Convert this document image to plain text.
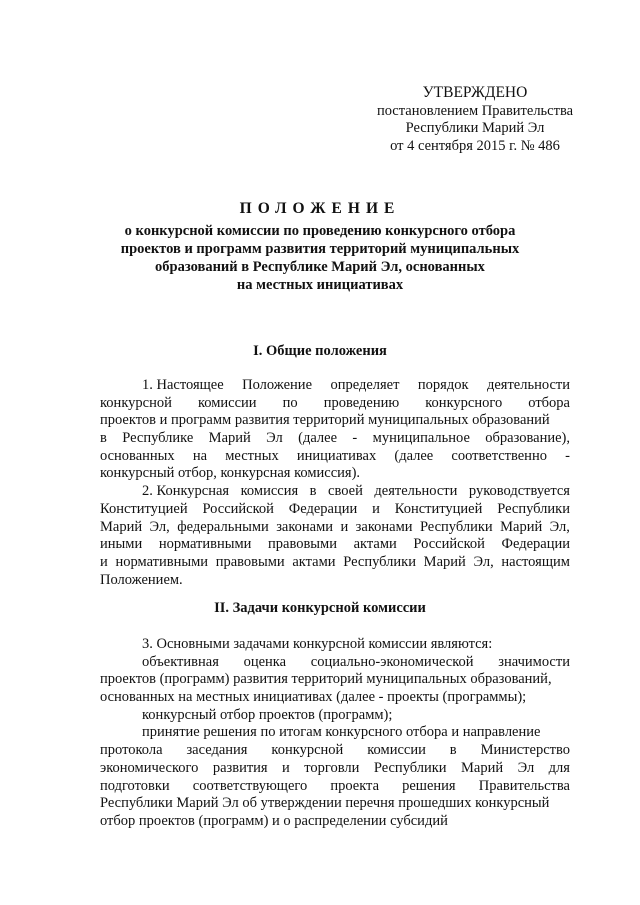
УТВЕРЖДЕНО
постановлением Правительства
Республики Марий Эл
от 4 сентября 2015 г. № 486
ПОЛОЖЕНИЕ
о конкурсной комиссии по проведению конкурсного отбора
проектов и программ развития территорий муниципальных
образований в Республике Марий Эл, основанных
на местных инициативах
I. Общие положения
1. Настоящее Положение определяет порядок деятельности
конкурсной комиссии по проведению конкурсного отбора
проектов и программ развития территорий муниципальных образований
в Республике Марий Эл (далее - муниципальное образование),
основанных на местных инициативах (далее соответственно -
конкурсный отбор, конкурсная комиссия).
2. Конкурсная комиссия в своей деятельности руководствуется
Конституцией Российской Федерации и Конституцией Республики
Марий Эл, федеральными законами и законами Республики Марий Эл,
иными нормативными правовыми актами Российской Федерации
и нормативными правовыми актами Республики Марий Эл, настоящим
Положением.
II. Задачи конкурсной комиссии
3. Основными задачами конкурсной комиссии являются:
объективная оценка социально-экономической значимости
проектов (программ) развития территорий муниципальных образований,
основанных на местных инициативах (далее - проекты (программы);
конкурсный отбор проектов (программ);
принятие решения по итогам конкурсного отбора и направление
протокола заседания конкурсной комиссии в Министерство
экономического развития и торговли Республики Марий Эл для
подготовки соответствующего проекта решения Правительства
Республики Марий Эл об утверждении перечня прошедших конкурсный
отбор проектов (программ) и о распределении субсидий
